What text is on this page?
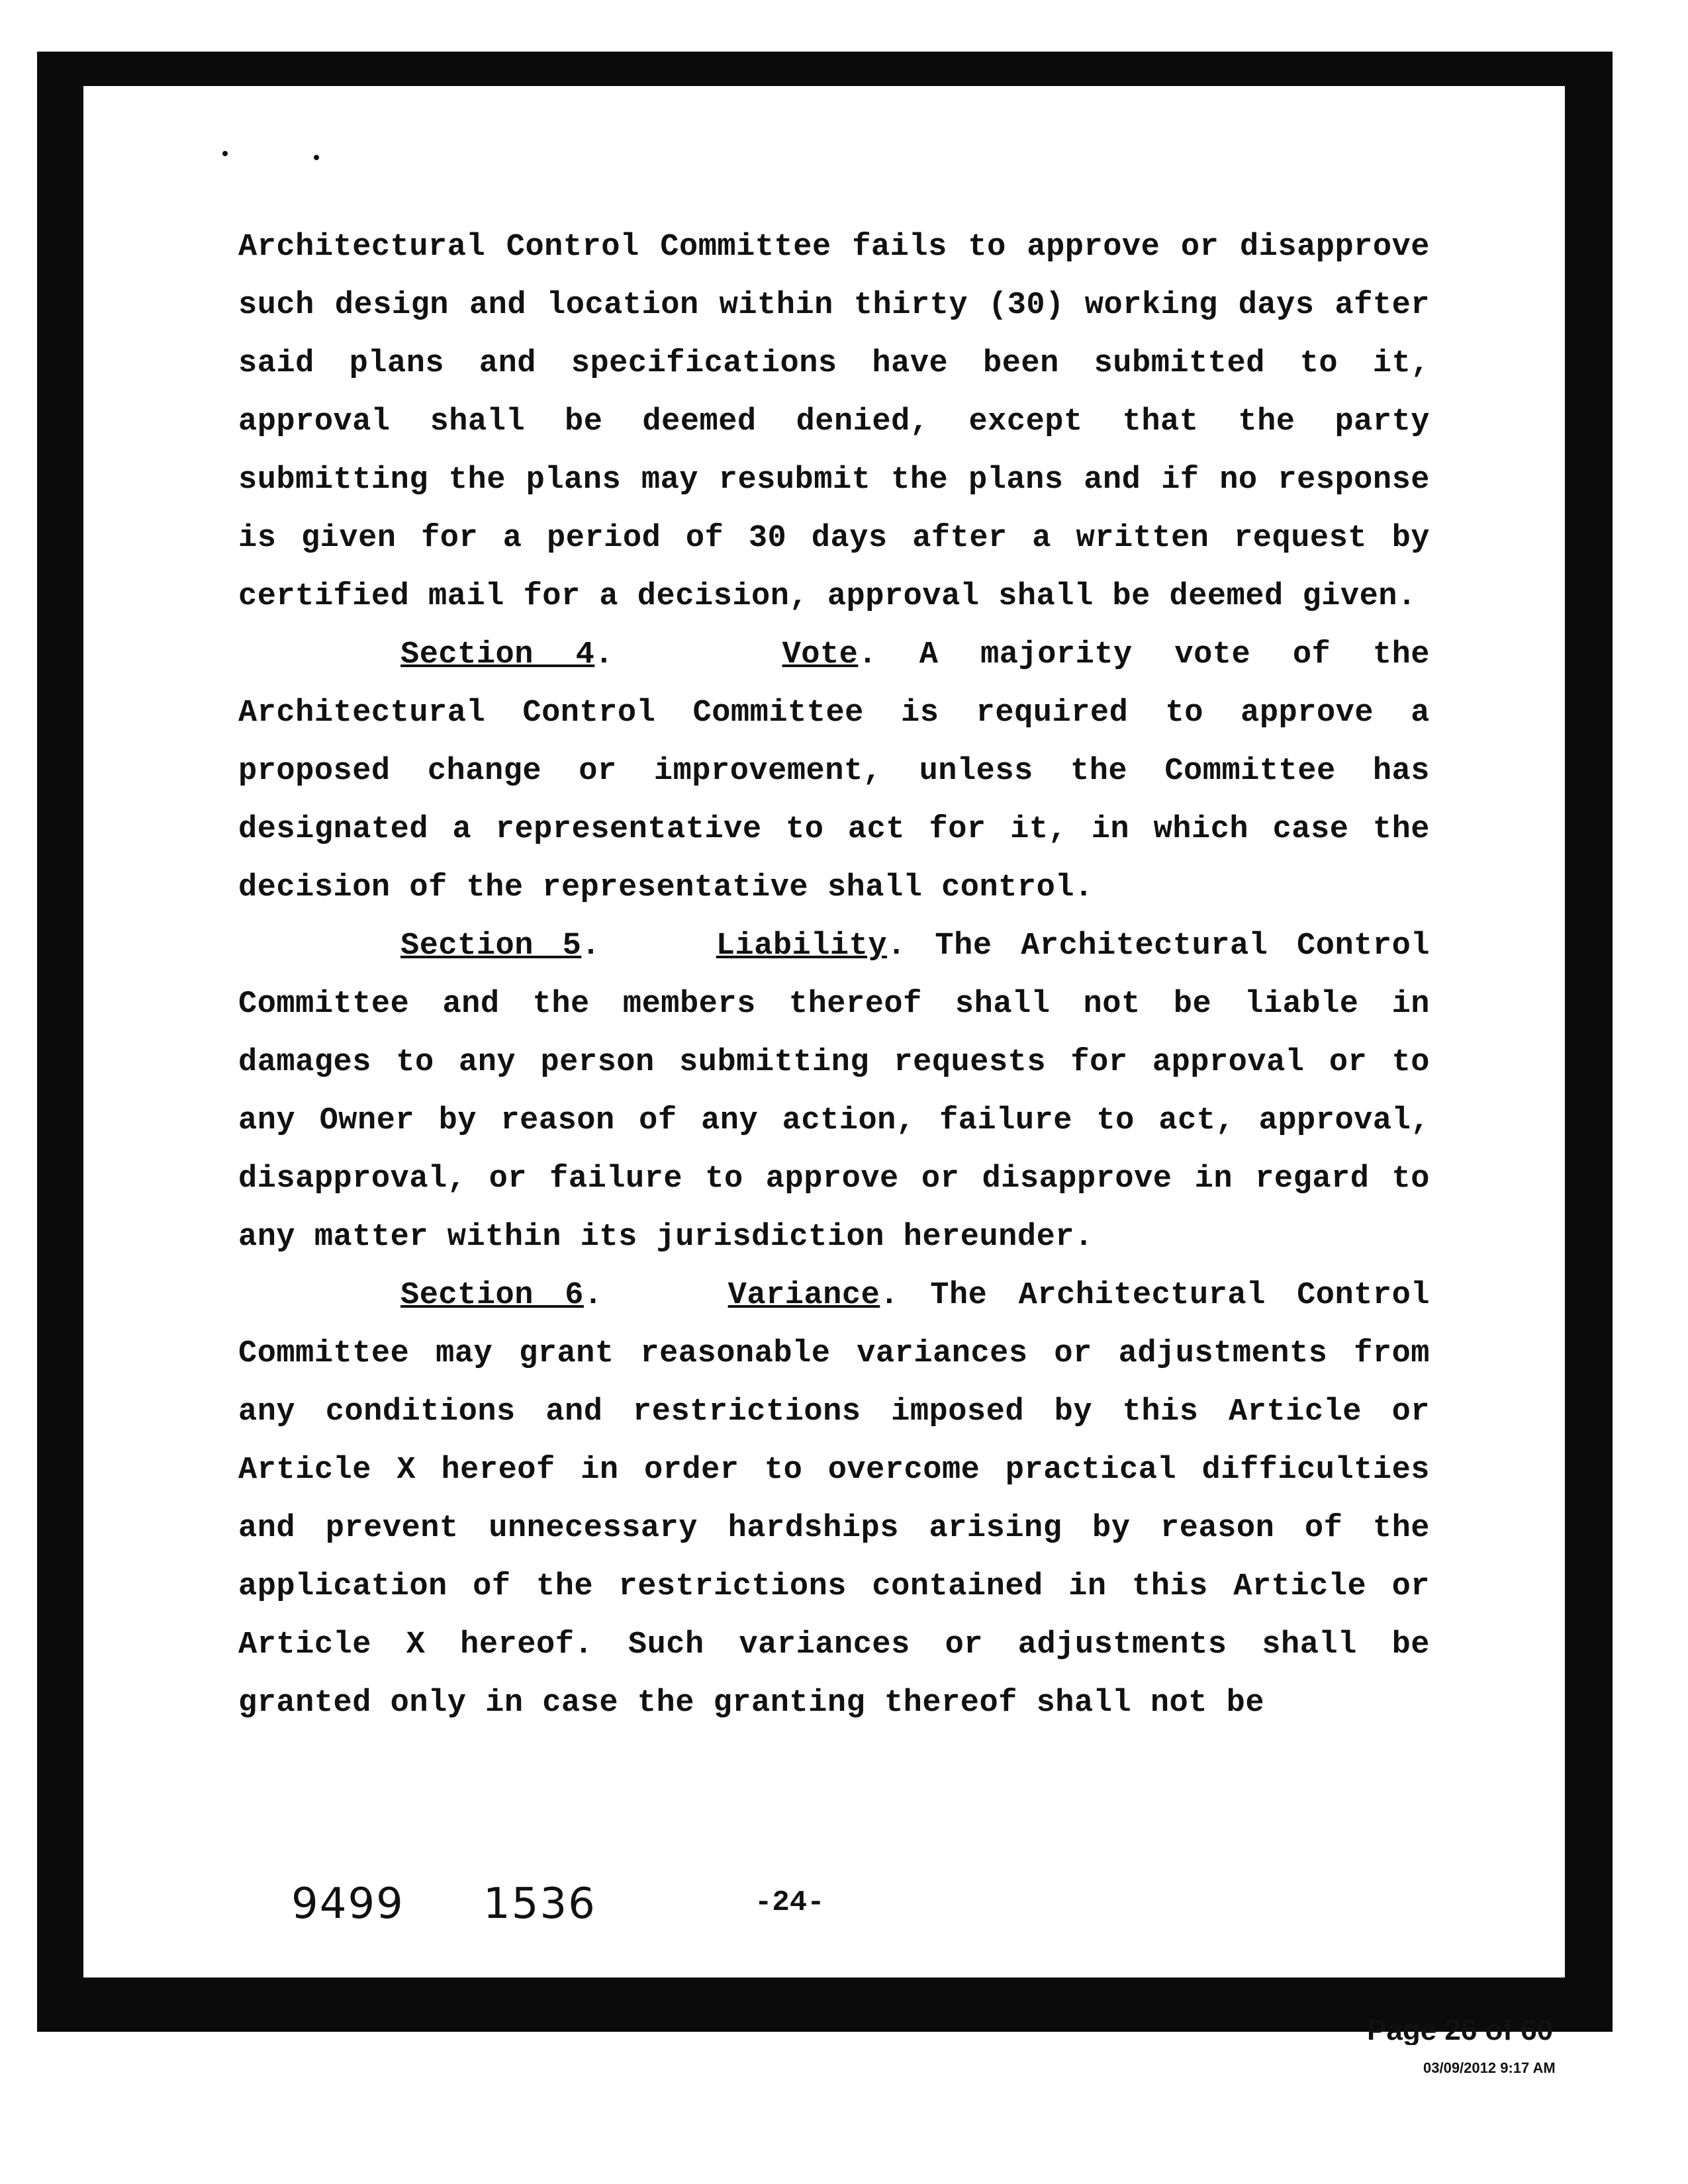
Architectural Control Committee fails to approve or disapprove such design and location within thirty (30) working days after said plans and specifications have been submitted to it, approval shall be deemed denied, except that the party submitting the plans may resubmit the plans and if no response is given for a period of 30 days after a written request by certified mail for a decision, approval shall be deemed given.

Section 4.    Vote. A majority vote of the Architectural Control Committee is required to approve a proposed change or improvement, unless the Committee has designated a representative to act for it, in which case the decision of the representative shall control.

Section 5.    Liability. The Architectural Control Committee and the members thereof shall not be liable in damages to any person submitting requests for approval or to any Owner by reason of any action, failure to act, approval, disapproval, or failure to approve or disapprove in regard to any matter within its jurisdiction hereunder.

Section 6.    Variance. The Architectural Control Committee may grant reasonable variances or adjustments from any conditions and restrictions imposed by this Article or Article X hereof in order to overcome practical difficulties and prevent unnecessary hardships arising by reason of the application of the restrictions contained in this Article or Article X hereof. Such variances or adjustments shall be granted only in case the granting thereof shall not be

9499 1536	-24-
Page 26 of 60
03/09/2012 9:17 AM
